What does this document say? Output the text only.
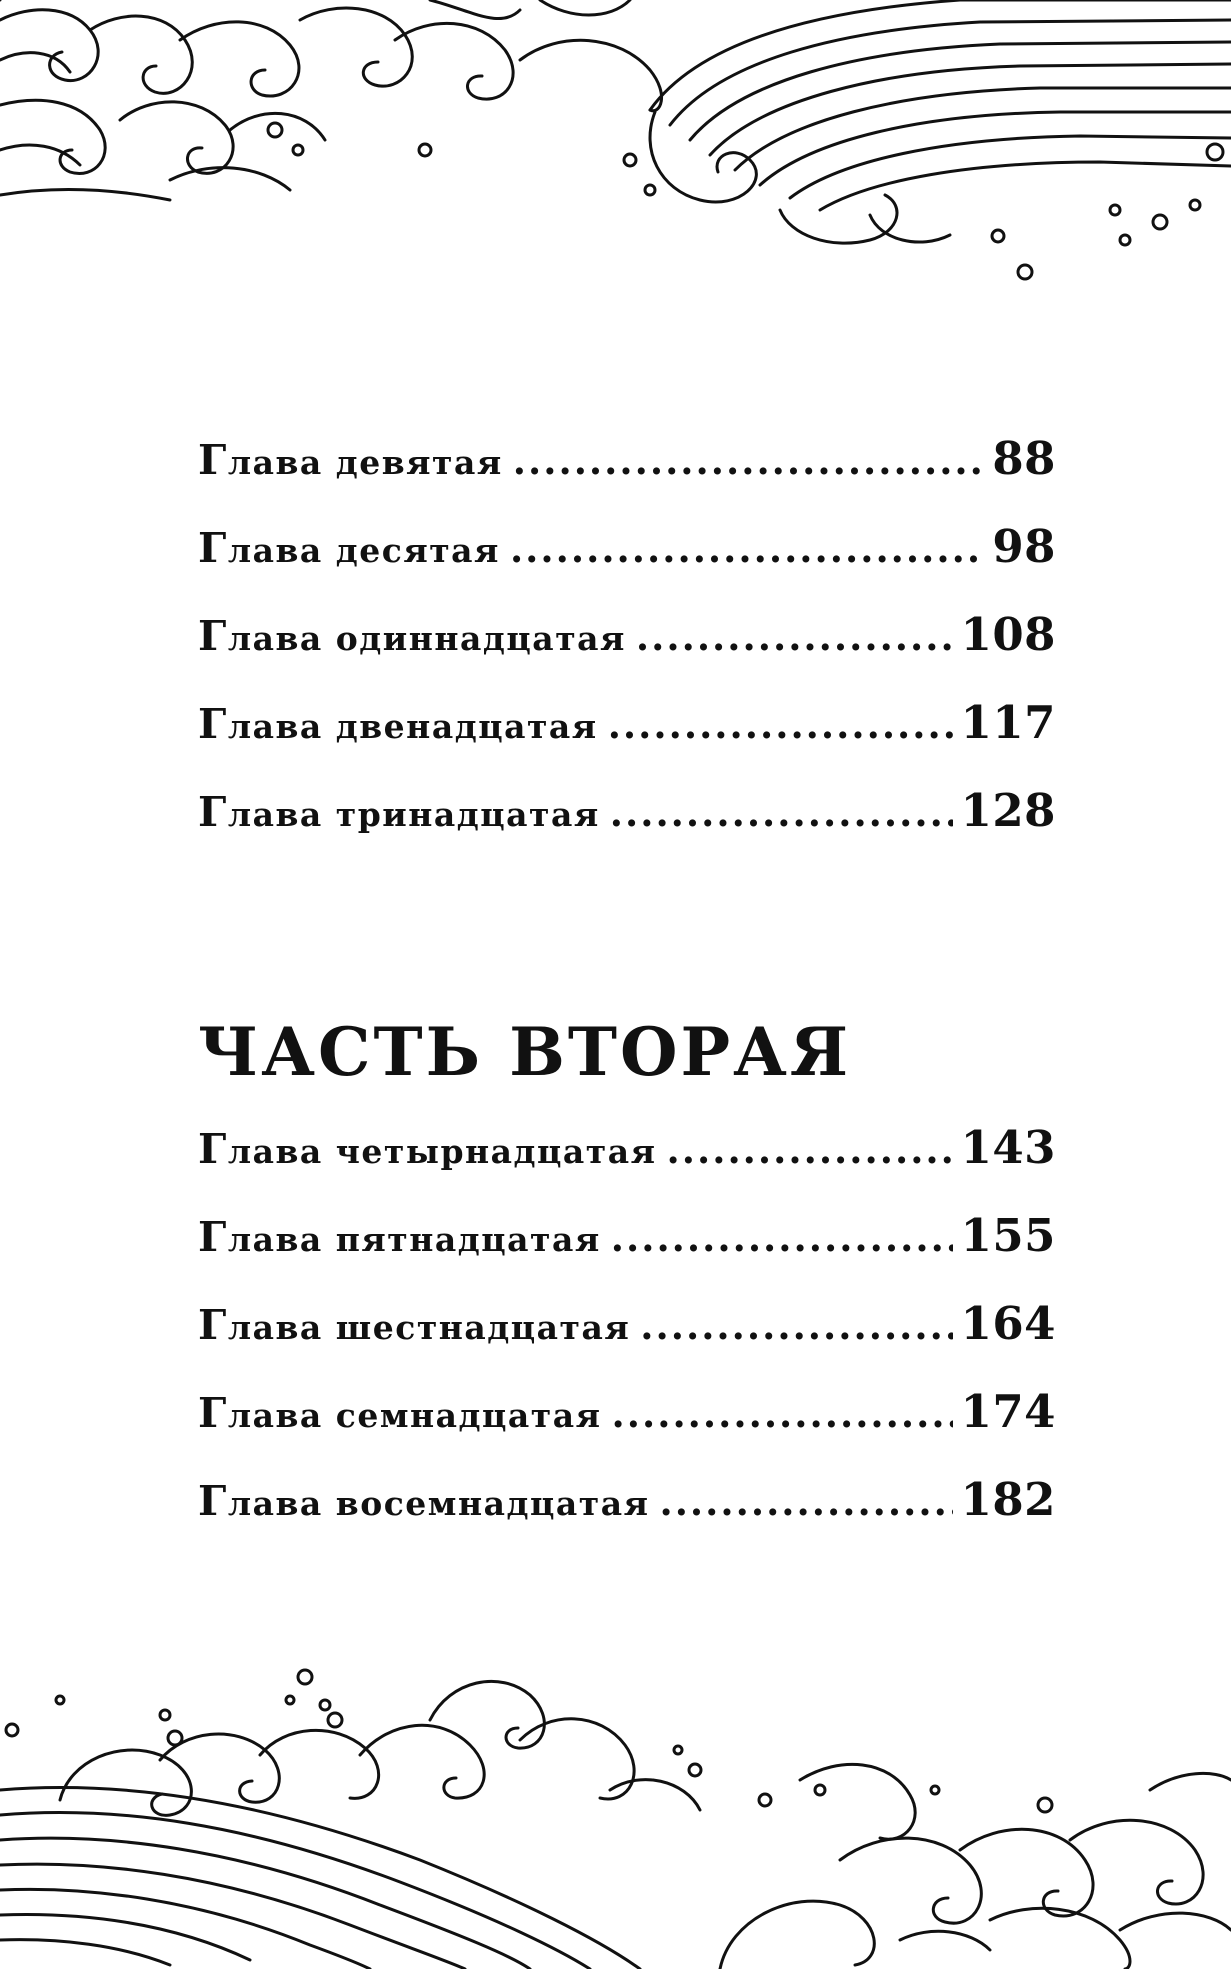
Глава девятая .....	88
Глава десятая .....	98
Глава одиннадцатая .....	108
Глава двенадцатая .....	117
Глава тринадцатая .....	128
ЧАСТЬ ВТОРАЯ
Глава четырнадцатая .....	143
Глава пятнадцатая .....	155
Глава шестнадцатая .....	164
Глава семнадцатая .....	174
Глава восемнадцатая .....	182
